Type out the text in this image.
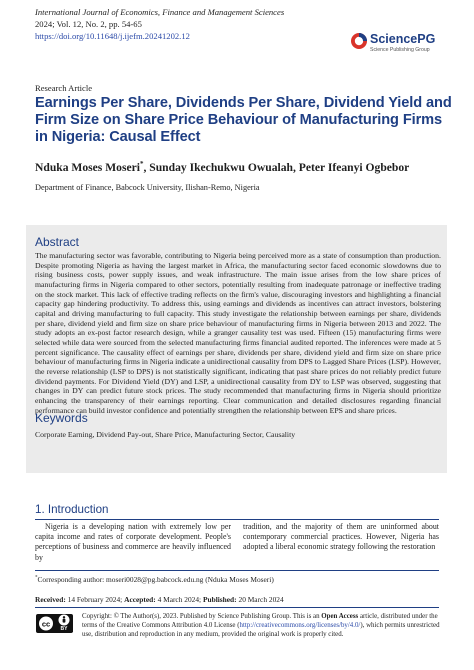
International Journal of Economics, Finance and Management Sciences
2024; Vol. 12, No. 2, pp. 54-65
https://doi.org/10.11648/j.ijefm.20241202.12	SciencePG
Science Publishing Group
Research Article
Earnings Per Share, Dividends Per Share, Dividend Yield and Firm Size on Share Price Behaviour of Manufacturing Firms in Nigeria: Causal Effect
Nduka Moses Moseri*, Sunday Ikechukwu Owualah, Peter Ifeanyi Ogbebor
Department of Finance, Babcock University, Ilishan-Remo, Nigeria
Abstract

The manufacturing sector was favorable, contributing to Nigeria being perceived more as a state of consumption than production. Despite promoting Nigeria as having the largest market in Africa, the manufacturing sector faced economic slowdowns due to rising business costs, power supply issues, and weak infrastructure. The main issue arises from the low share prices of manufacturing firms in Nigeria compared to other sectors, potentially resulting from inadequate patronage or ineffective trading on the stock market. This lack of effective trading reflects on the firm's value, discouraging investors and highlighting a financial capacity gap hindering productivity. To address this, using earnings and dividends as incentives can attract investors, bolstering capital and driving manufacturing to full capacity. This study investigate the relationship between earnings per share, dividends per share, dividend yield and firm size on share price behaviour of manufacturing firms in Nigeria between 2013 and 2022. The study adopts an ex-post factor research design, while a granger causality test was used. Fifteen (15) manufacturing firms were selected while data were sourced from the selected manufacturing firms financial audited reported. The inferences were made at 5 percent significance. The causality effect of earnings per share, dividends per share, dividend yield and firm size on share price behaviour of manufacturing firms in Nigeria indicate a unidirectional causality from DPS to Lagged Share Prices (LSP). However, the reverse relationship (LSP to DPS) is not statistically significant, indicating that past share prices do not reliably predict future dividend payments. For Dividend Yield (DY) and LSP, a unidirectional causality from DY to LSP was observed, suggesting that changes in DY can predict future stock prices. The study recommended that manufacturing firms in Nigeria should prioritize enhancing the transparency of their earnings reporting. Clear communication and detailed disclosures regarding financial performance can build investor confidence and potentially strengthen the relationship between EPS and share prices.

Keywords
Corporate Earning, Dividend Pay-out, Share Price, Manufacturing Sector, Causality
1. Introduction

Nigeria is a developing nation with extremely low per capita income and rates of corporate development. People's perceptions of business and commerce are heavily influenced by

tradition, and the majority of them are uninformed about contemporary commercial practices. However, Nigeria has adopted a liberal economic strategy following the restoration

*Corresponding author: moseri0028@pg.babcock.edu.ng (Nduka Moses Moseri)
Received: 14 February 2024; Accepted: 4 March 2024; Published: 20 March 2024
cc
BY

Copyright: © The Author(s), 2023. Published by Science Publishing Group. This is an Open Access article, distributed under the terms of the Creative Commons Attribution 4.0 License (http://creativecommons.org/licenses/by/4.0/), which permits unrestricted use, distribution and reproduction in any medium, provided the original work is properly cited.
